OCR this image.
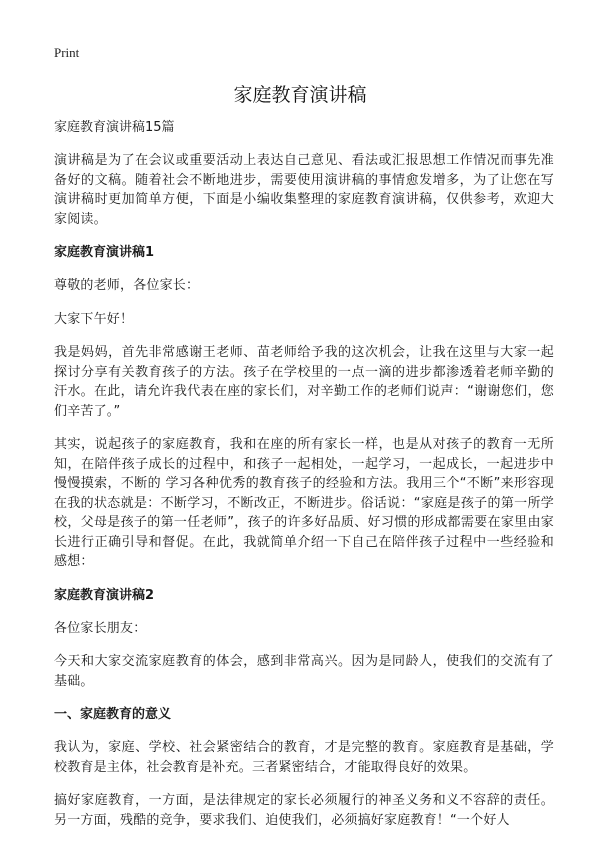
Print
家庭教育演讲稿
家庭教育演讲稿15篇
演讲稿是为了在会议或重要活动上表达自己意见、看法或汇报思想工作情况而事先准备好的文稿。随着社会不断地进步，需要使用演讲稿的事情愈发增多，为了让您在写演讲稿时更加简单方便，下面是小编收集整理的家庭教育演讲稿，仅供参考，欢迎大家阅读。
家庭教育演讲稿1
尊敬的老师，各位家长：
大家下午好！
我是妈妈，首先非常感谢王老师、苗老师给予我的这次机会，让我在这里与大家一起探讨分享有关教育孩子的方法。孩子在学校里的一点一滴的进步都渗透着老师辛勤的汗水。在此，请允许我代表在座的家长们，对辛勤工作的老师们说声：“谢谢您们，您们辛苦了。”
其实，说起孩子的家庭教育，我和在座的所有家长一样，也是从对孩子的教育一无所知，在陪伴孩子成长的过程中，和孩子一起相处，一起学习，一起成长，一起进步中慢慢摸索，不断的 学习各种优秀的教育孩子的经验和方法。我用三个“不断”来形容现在我的状态就是：不断学习，不断改正，不断进步。俗话说：“家庭是孩子的第一所学校，父母是孩子的第一任老师”，孩子的许多好品质、好习惯的形成都需要在家里由家长进行正确引导和督促。在此，我就简单介绍一下自己在陪伴孩子过程中一些经验和感想：
家庭教育演讲稿2
各位家长朋友：
今天和大家交流家庭教育的体会，感到非常高兴。因为是同龄人，使我们的交流有了基础。
一、家庭教育的意义
我认为，家庭、学校、社会紧密结合的教育，才是完整的教育。家庭教育是基础，学校教育是主体，社会教育是补充。三者紧密结合，才能取得良好的效果。
搞好家庭教育，一方面，是法律规定的家长必须履行的神圣义务和义不容辞的责任。另一方面，残酷的竞争，要求我们、迫使我们，必须搞好家庭教育！“一个好人
